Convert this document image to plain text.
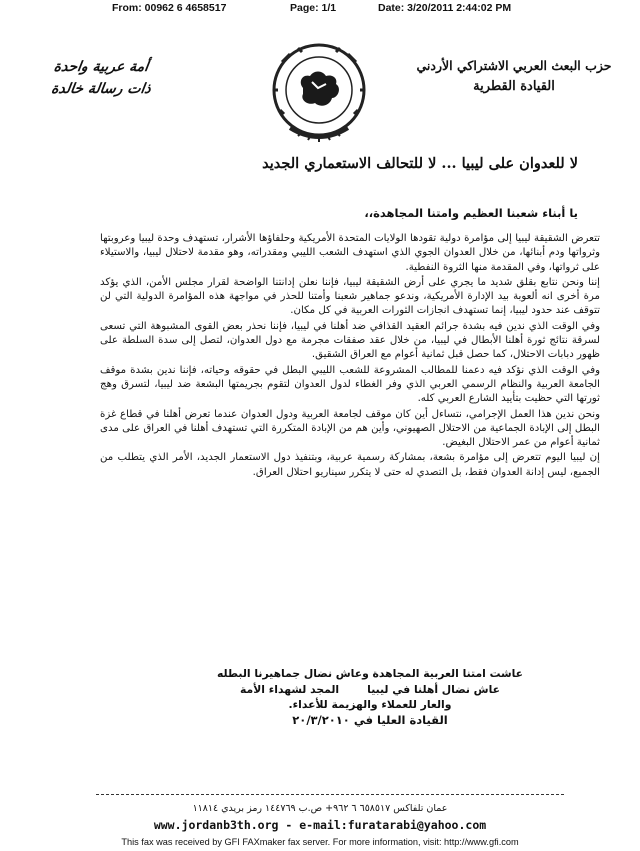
From: 00962 6 4658517	Page: 1/1	Date: 3/20/2011 2:44:02 PM
أمة عربية واحدة
ذات رسالة خالدة
حزب البعث العربي الاشتراكي الأردني
القيادة القطرية
لا للعدوان على ليبيا ... لا للتحالف الاستعماري الجديد
يا أبناء شعبنا العظيم وامتنا المجاهدة،،

تتعرض الشقيقة ليبيا إلى مؤامرة دولية تقودها الولايات المتحدة الأمريكية وحلفاؤها الأشرار، تستهدف وحدة ليبيا وعروبتها وثرواتها ودم أبنائها، من خلال العدوان الجوي الذي استهدف الشعب الليبي ومقدراته، وهو مقدمة لاحتلال ليبيا، والاستيلاء على ثرواتها، وفي المقدمة منها الثروة النفطية.

إننا ونحن نتابع بقلق شديد ما يجري على أرض الشقيقة ليبيا، فإننا نعلن إدانتنا الواضحة لقرار مجلس الأمن، الذي يؤكد مرة أخرى انه ألعوبة بيد الإدارة الأمريكية، وندعو جماهير شعبنا وأمتنا للحذر في مواجهة هذه المؤامرة الدولية التي لن تتوقف عند حدود ليبيا، إنما تستهدف انجازات الثورات العربية في كل مكان.

وفي الوقت الذي ندين فيه بشدة جرائم العقيد القذافي ضد أهلنا في ليبيا، فإننا نحذر بعض القوى المشبوهة التي تسعى لسرقة نتائج ثورة أهلنا الأبطال في ليبيا، من خلال عقد صفقات مجرمة مع دول العدوان، لتصل إلى سدة السلطة على ظهور دبابات الاحتلال، كما حصل قبل ثمانية أعوام مع العراق الشقيق.

وفي الوقت الذي نؤكد فيه دعمنا للمطالب المشروعة للشعب الليبي البطل في حقوقه وحياته، فإننا ندين بشدة موقف الجامعة العربية والنظام الرسمي العربي الذي وفر الغطاء لدول العدوان لتقوم بجريمتها البشعة ضد ليبيا، لتسرق وهج ثورتها التي حظيت بتأييد الشارع العربي كله.

ونحن ندين هذا العمل الإجرامي، نتساءل أين كان موقف لجامعة العربية ودول العدوان عندما تعرض أهلنا في قطاع غزة البطل إلى الإبادة الجماعية من الاحتلال الصهيوني، وأين هم من الإبادة المتكررة التي تستهدف أهلنا في العراق على مدى ثمانية أعوام من عمر الاحتلال البغيض.

إن ليبيا اليوم تتعرض إلى مؤامرة بشعة، بمشاركة رسمية عربية، وبتنفيذ دول الاستعمار الجديد، الأمر الذي يتطلب من الجميع، ليس إدانة العدوان فقط، بل التصدي له حتى لا يتكرر سيناريو احتلال العراق.

عاشت امتنا العربية المجاهدة وعاش نضال جماهيرنا البطله
عاش نضال أهلنا في ليبيا
المجد لشهداء الأمة
والعار للعملاء والهزيمة للأعداء.
القيادة العليا في ٢٠/٣/٢٠١٠
عمان تلفاكس ٦٥٨٥١٧ ٦ ٩٦٢+ ص.ب ١٤٤٧٦٩ رمز بريدي ١١٨١٤
www.jordanb3th.org - e-mail:furatarabi@yahoo.com
This fax was received by GFI FAXmaker fax server. For more information, visit: http://www.gfi.com
